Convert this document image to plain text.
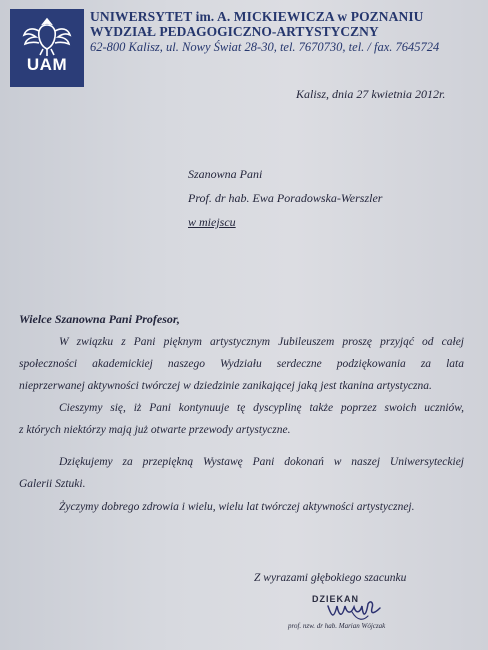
UAM
UNIWERSYTET im. A. MICKIEWICZA w POZNANIU
WYDZIAŁ PEDAGOGICZNO-ARTYSTYCZNY
62-800 Kalisz, ul. Nowy Świat 28-30, tel. 7670730, tel. / fax. 7645724
Kalisz, dnia 27 kwietnia 2012r.
Szanowna Pani
Prof. dr hab. Ewa Poradowska-Werszler
w miejscu
Wielce Szanowna Pani Profesor,
W związku z Pani pięknym artystycznym Jubileuszem proszę przyjąć od całej
społeczności akademickiej naszego Wydziału serdeczne podziękowania za lata
nieprzerwanej aktywności twórczej w dziedzinie zanikającej jaką jest tkanina artystyczna.
Cieszymy się, iż Pani kontynuuje tę dyscyplinę także poprzez swoich uczniów,
z których niektórzy mają już otwarte przewody artystyczne.
Dziękujemy za przepiękną Wystawę Pani dokonań w naszej Uniwersyteckiej
Galerii Sztuki.
Życzymy dobrego zdrowia i wielu, wielu lat twórczej aktywności artystycznej.
Z wyrazami głębokiego szacunku
DZIEKAN
prof. nzw. dr hab. Marian Wójczak
